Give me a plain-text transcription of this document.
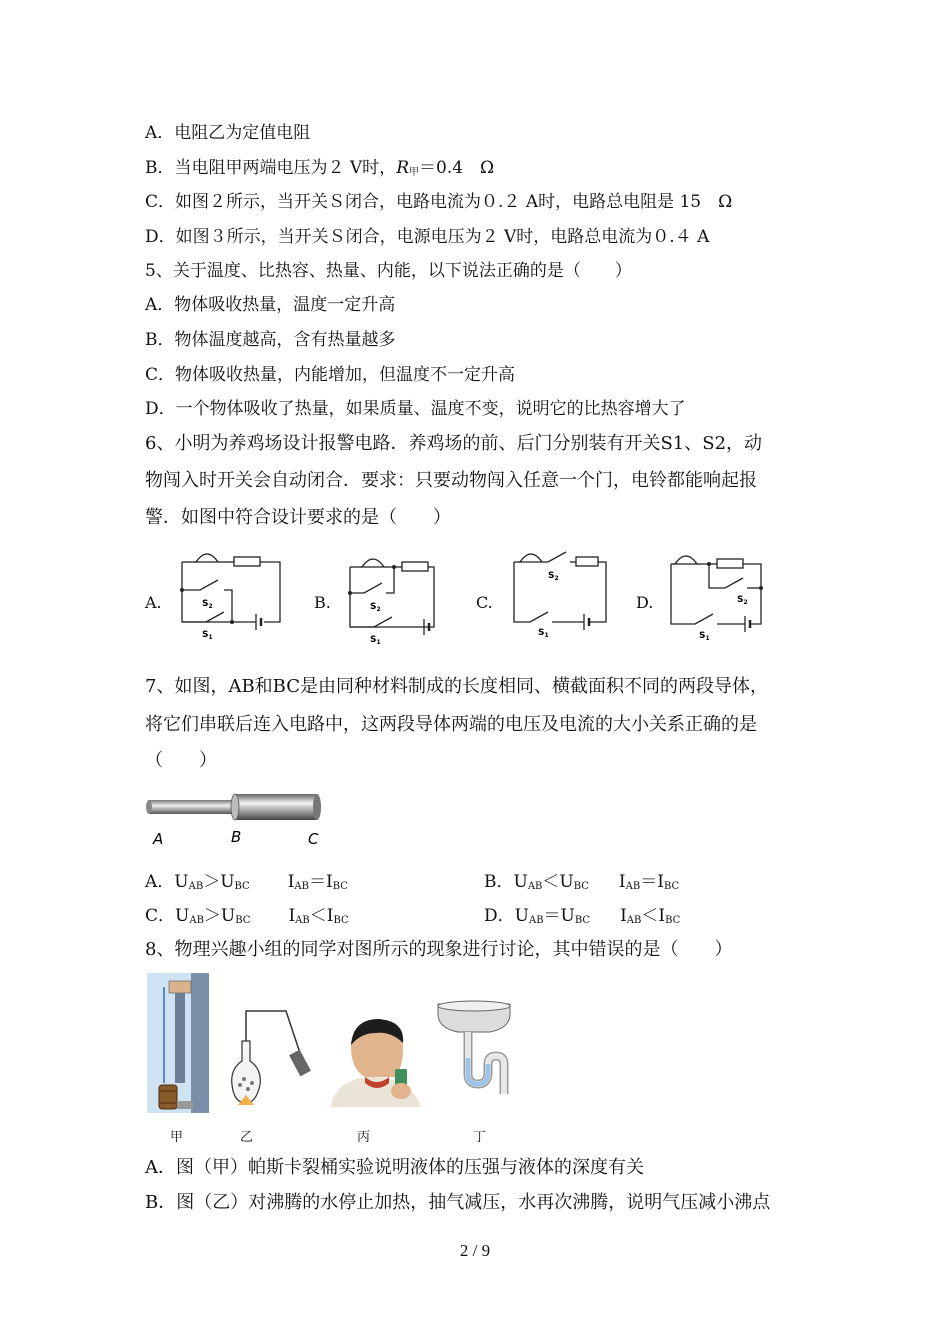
A．电阻乙为定值电阻
B．当电阻甲两端电压为２ V时，$R_甲=0.4$　Ω
C．如图２所示，当开关Ｓ闭合，电路电流为０.２ A时，电路总电阻是 15　Ω
D．如图３所示，当开关Ｓ闭合，电源电压为２ V时，电路总电流为０.４ A
5、关于温度、比热容、热量、内能，以下说法正确的是（　　）
A．物体吸收热量，温度一定升高
B．物体温度越高，含有热量越多
C．物体吸收热量，内能增加，但温度不一定升高
D．一个物体吸收了热量，如果质量、温度不变，说明它的比热容增大了
6、小明为养鸡场设计报警电路．养鸡场的前、后门分别装有开关S1、S2，动
物闯入时开关会自动闭合．要求：只要动物闯入任意一个门，电铃都能响起报
警．如图中符合设计要求的是（　　）
A.	B.	C.	D.
$S_2$
$S_1$
$S_2$
$S_1$
$S_2$
$S_1$
$S_2$
$S_1$
7、如图，AB和BC是由同种材料制成的长度相同、横截面积不同的两段导体，
将它们串联后连入电路中，这两段导体两端的电压及电流的大小关系正确的是
（　　）
A	B	C
A．$U_{AB}>U_{BC}$ $I_{AB}=I_{BC}$	B．$U_{AB}<U_{BC}$ $I_{AB}=I_{BC}$
C．$U_{AB}>U_{BC}$ $I_{AB}<I_{BC}$	D．$U_{AB}=U_{BC}$ $I_{AB}<I_{BC}$
8、物理兴趣小组的同学对图所示的现象进行讨论，其中错误的是（　　）
甲	乙	丙	丁
A．图（甲）帕斯卡裂桶实验说明液体的压强与液体的深度有关
B．图（乙）对沸腾的水停止加热，抽气减压，水再次沸腾，说明气压减小沸点
2 / 9
